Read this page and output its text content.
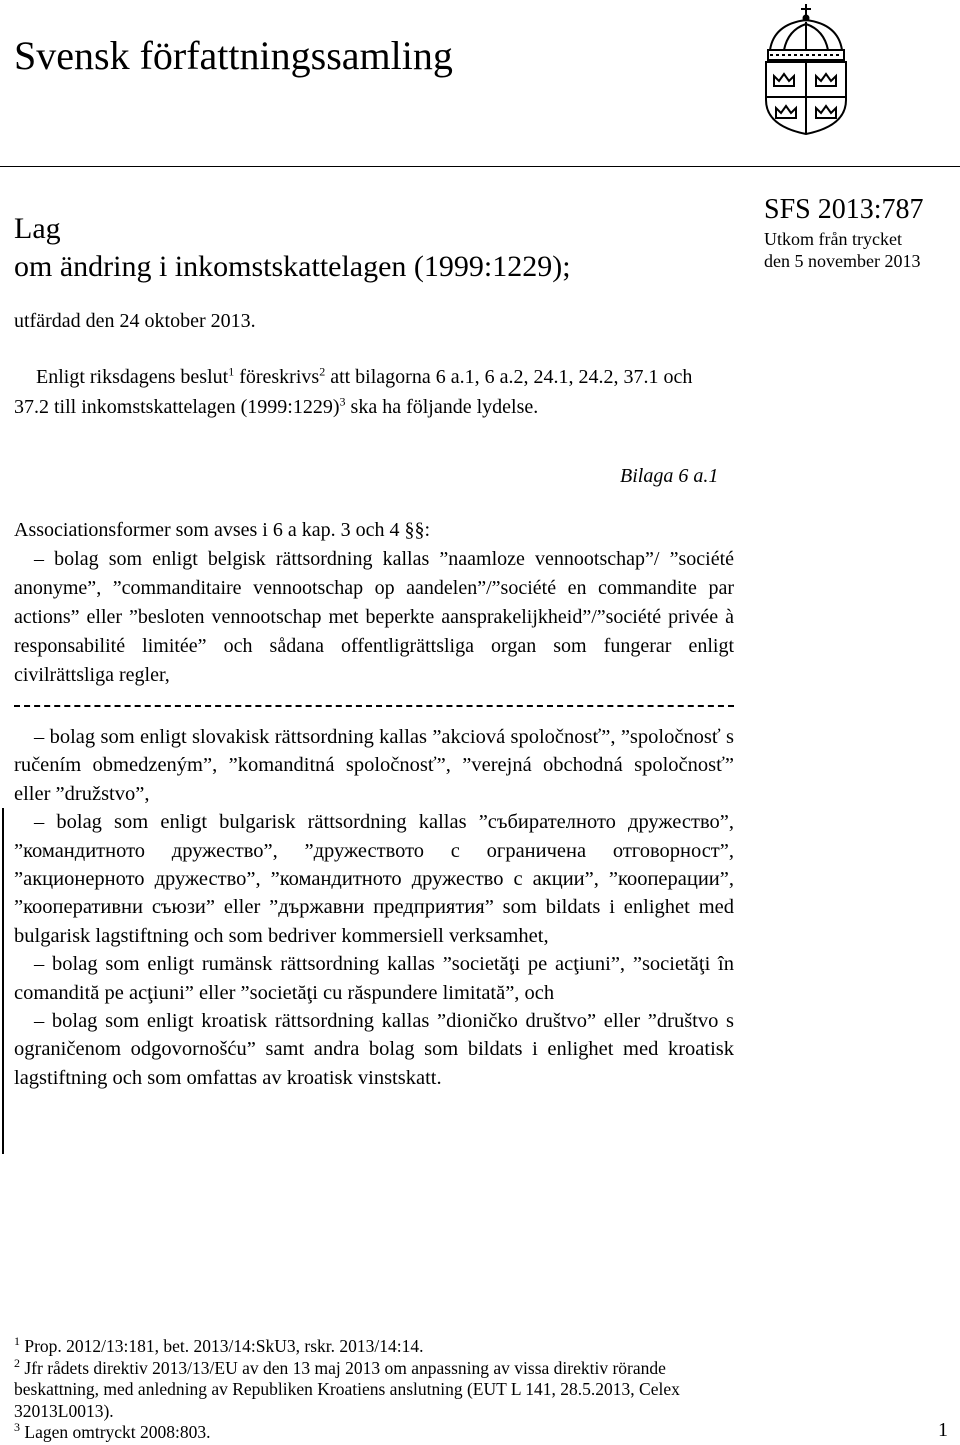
Svensk författningssamling
Lag
om ändring i inkomstskattelagen (1999:1229);
SFS 2013:787
Utkom från trycket
den 5 november 2013
utfärdad den 24 oktober 2013.
Enligt riksdagens beslut$^1$ föreskrivs$^2$ att bilagorna 6 a.1, 6 a.2, 24.1, 24.2, 37.1 och 37.2 till inkomstskattelagen (1999:1229)$^3$ ska ha följande lydelse.
Bilaga 6 a.1

Associationsformer som avses i 6 a kap. 3 och 4 §§:

– bolag som enligt belgisk rättsordning kallas ”naamloze vennootschap”/ ”société anonyme”, ”commanditaire vennootschap op aandelen”/”société en commandite par actions” eller ”besloten vennootschap met beperkte aansprakelijkheid”/”société privée à responsabilité limitée” och sådana offentligrättsliga organ som fungerar enligt civilrättsliga regler,

– bolag som enligt slovakisk rättsordning kallas ”akciová spoločnosť”, ”spoločnosť s ručením obmedzeným”, ”komanditná spoločnosť”, ”verejná obchodná spoločnosť” eller ”družstvo”,

– bolag som enligt bulgarisk rättsordning kallas ”събирателното дружество”, ”командитното дружество”, ”дружеството с ограничена отговорност”, ”акционерното дружество”, ”командитното дружество с акции”, ”кооперации”, ”кооперативни съюзи” eller ”държавни предприятия” som bildats i enlighet med bulgarisk lagstiftning och som bedriver kommersiell verksamhet,

– bolag som enligt rumänsk rättsordning kallas ”societăţi pe acţiuni”, ”societăţi în comandită pe acţiuni” eller ”societăţi cu răspundere limitată”, och

– bolag som enligt kroatisk rättsordning kallas ”dioničko društvo” eller ”društvo s ograničenom odgovornošću” samt andra bolag som bildats i enlighet med kroatisk lagstiftning och som omfattas av kroatisk vinstskatt.

$^1$ Prop. 2012/13:181, bet. 2013/14:SkU3, rskr. 2013/14:14.

$^2$ Jfr rådets direktiv 2013/13/EU av den 13 maj 2013 om anpassning av vissa direktiv rörande beskattning, med anledning av Republiken Kroatiens anslutning (EUT L 141, 28.5.2013, Celex 32013L0013).

$^3$ Lagen omtryckt 2008:803.	1
